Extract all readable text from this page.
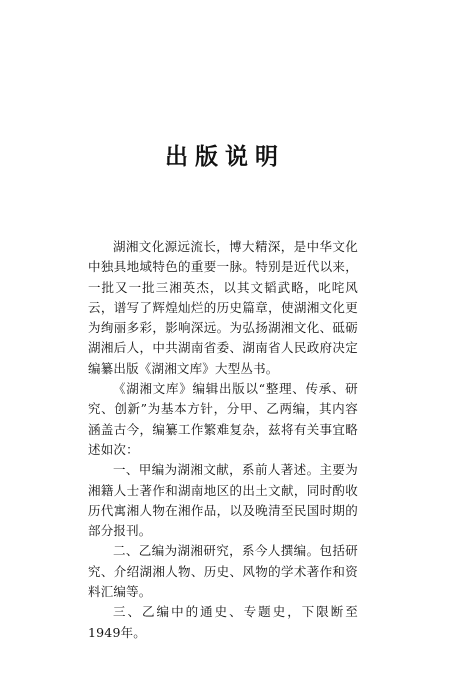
出版说明

湖湘文化源远流长，博大精深，是中华文化中独具地域特色的重要一脉。特别是近代以来，一批又一批三湘英杰，以其文韬武略，叱咤风云，谱写了辉煌灿烂的历史篇章，使湖湘文化更为绚丽多彩，影响深远。为弘扬湖湘文化、砥砺湖湘后人，中共湖南省委、湖南省人民政府决定编纂出版《湖湘文库》大型丛书。

《湖湘文库》编辑出版以“整理、传承、研究、创新”为基本方针，分甲、乙两编，其内容涵盖古今，编纂工作繁难复杂，兹将有关事宜略述如次：

一、甲编为湖湘文献，系前人著述。主要为湘籍人士著作和湖南地区的出土文献，同时酌收历代寓湘人物在湘作品，以及晚清至民国时期的部分报刊。

二、乙编为湖湘研究，系今人撰编。包括研究、介绍湖湘人物、历史、风物的学术著作和资料汇编等。

三、乙编中的通史、专题史，下限断至1949年。
